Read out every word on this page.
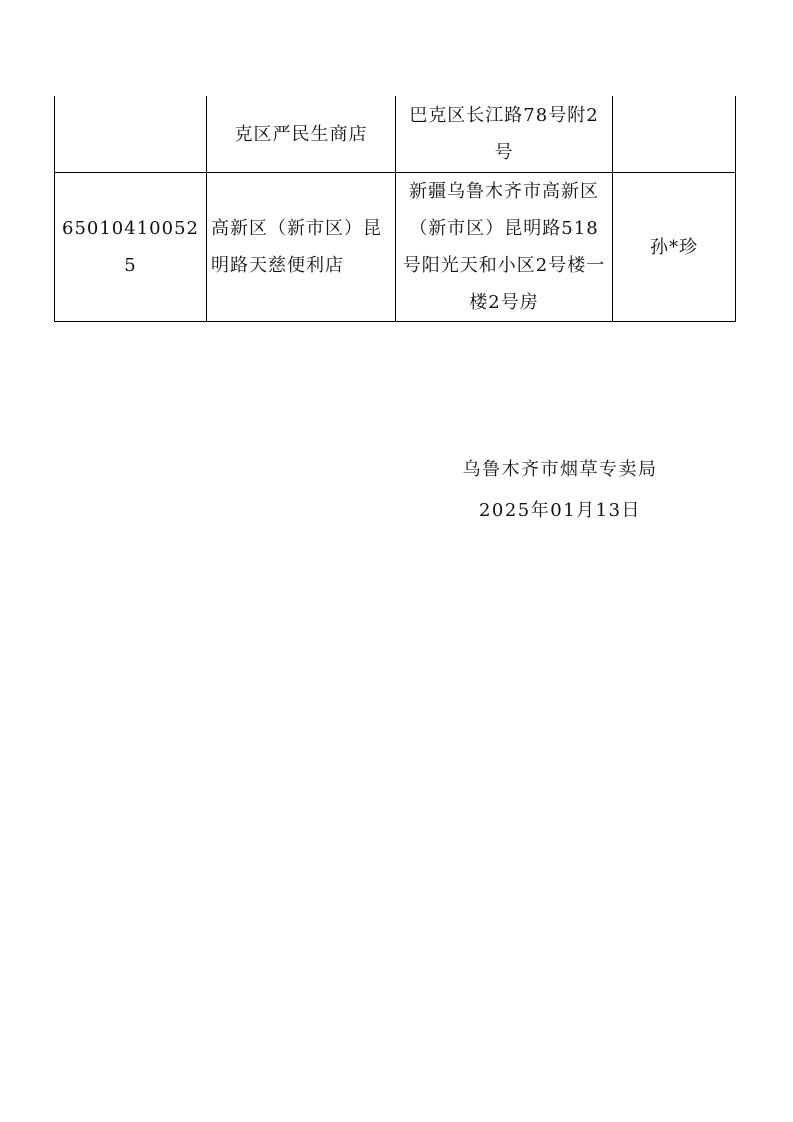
	克区严民生商店	巴克区长江路78号附2号	
650104100525	高新区（新市区）昆明路天慈便利店	新疆乌鲁木齐市高新区（新市区）昆明路518号阳光天和小区2号楼一楼2号房	孙*珍
乌鲁木齐市烟草专卖局
2025年01月13日
